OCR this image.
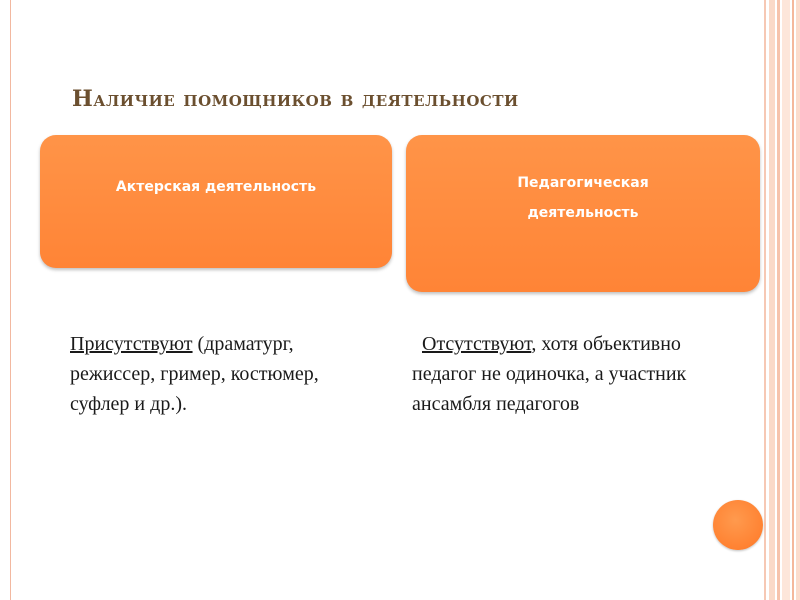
Наличие помощников в деятельности
Актерская деятельность	Педагогическая деятельность
Присутствуют (драматург, режиссер, гример, костюмер, суфлер и др.).
Отсутствуют, хотя объективно педагог не одиночка, а участник ансамбля педагогов
